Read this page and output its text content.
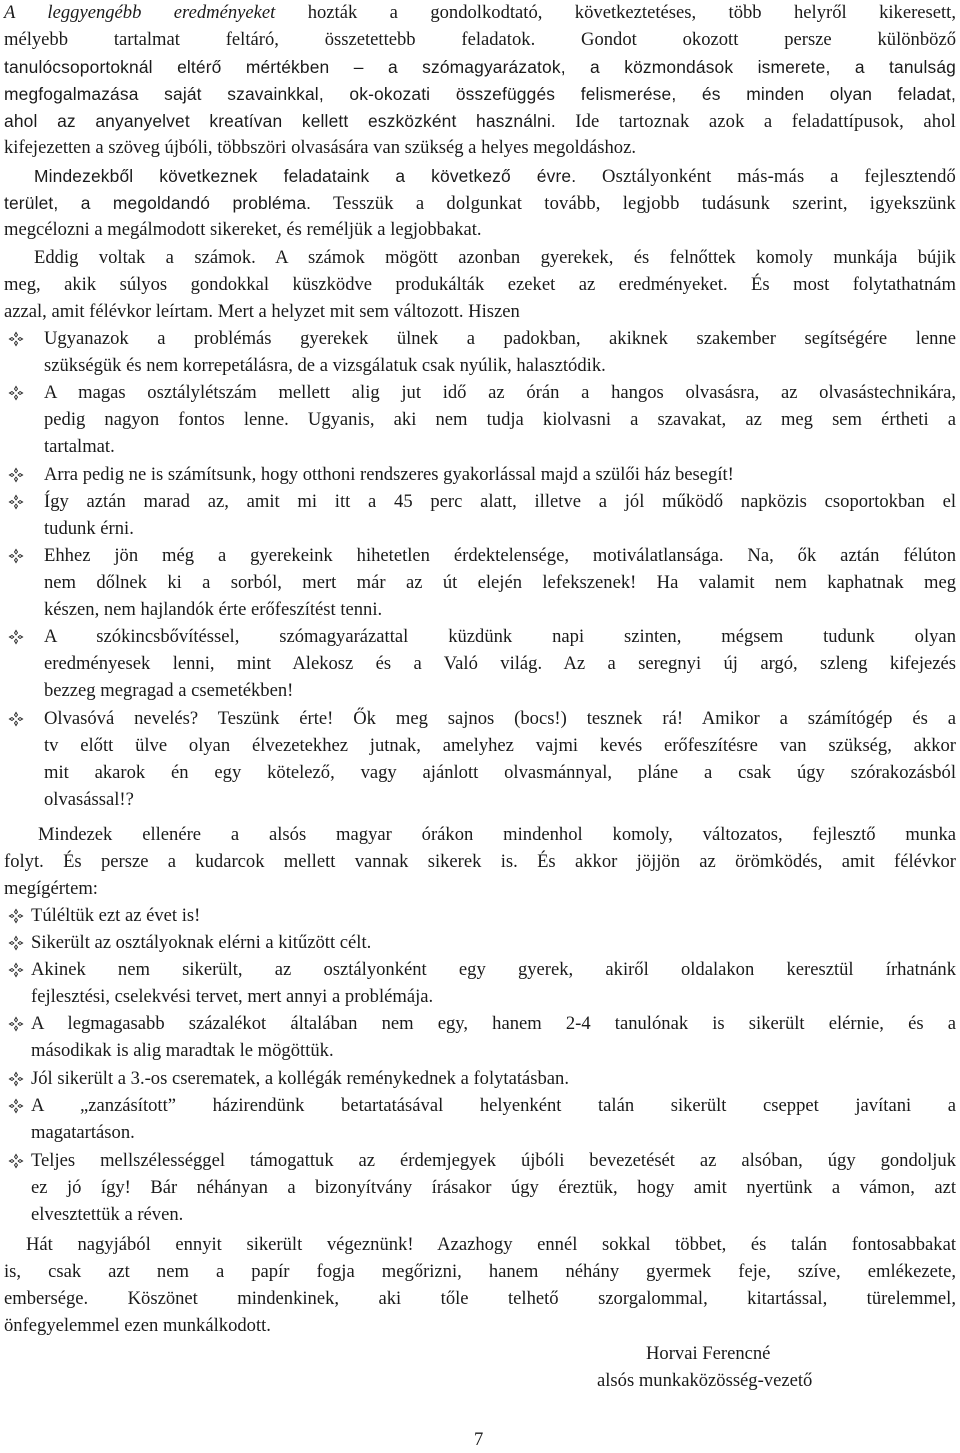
A leggyengébb eredményeket hozták a gondolkodtató, következtetéses, több helyről kikeresett,
mélyebb tartalmat feltáró, összetettebb feladatok. Gondot okozott persze különböző
tanulócsoportoknál eltérő mértékben – a szómagyarázatok, a közmondások ismerete, a tanulság
megfogalmazása saját szavainkkal, ok-okozati összefüggés felismerése, és minden olyan feladat,
ahol az anyanyelvet kreatívan kellett eszközként használni. Ide tartoznak azok a feladattípusok, ahol
kifejezetten a szöveg újbóli, többszöri olvasására van szükség a helyes megoldáshoz.
Mindezekből következnek feladataink a következő évre. Osztályonként más-más a fejlesztendő
terület, a megoldandó probléma. Tesszük a dolgunkat tovább, legjobb tudásunk szerint, igyekszünk
megcélozni a megálmodott sikereket, és reméljük a legjobbakat.
Eddig voltak a számok. A számok mögött azonban gyerekek, és felnőttek komoly munkája bújik
meg, akik súlyos gondokkal küszködve produkálták ezeket az eredményeket. És most folytathatnám
azzal, amit félévkor leírtam. Mert a helyzet mit sem változott. Hiszen
Ugyanazok a problémás gyerekek ülnek a padokban, akiknek szakember segítségére lenne
szükségük és nem korrepetálásra, de a vizsgálatuk csak nyúlik, halasztódik.
A magas osztálylétszám mellett alig jut idő az órán a hangos olvasásra, az olvasástechnikára,
pedig nagyon fontos lenne. Ugyanis, aki nem tudja kiolvasni a szavakat, az meg sem értheti a
tartalmat.
Arra pedig ne is számítsunk, hogy otthoni rendszeres gyakorlással majd a szülői ház besegít!
Így aztán marad az, amit mi itt a 45 perc alatt, illetve a jól működő napközis csoportokban el
tudunk érni.
Ehhez jön még a gyerekeink hihetetlen érdektelensége, motiválatlansága. Na, ők aztán félúton
nem dőlnek ki a sorból, mert már az út elején lefekszenek! Ha valamit nem kaphatnak meg
készen, nem hajlandók érte erőfeszítést tenni.
A szókincsbővítéssel, szómagyarázattal küzdünk napi szinten, mégsem tudunk olyan
eredményesek lenni, mint Alekosz és a Való világ. Az a seregnyi új argó, szleng kifejezés
bezzeg megragad a csemetékben!
Olvasóvá nevelés? Teszünk érte! Ők meg sajnos (bocs!) tesznek rá! Amikor a számítógép és a
tv előtt ülve olyan élvezetekhez jutnak, amelyhez vajmi kevés erőfeszítésre van szükség, akkor
mit akarok én egy kötelező, vagy ajánlott olvasmánnyal, pláne a csak úgy szórakozásból
olvasással!?
Mindezek ellenére a alsós magyar órákon mindenhol komoly, változatos, fejlesztő munka
folyt. És persze a kudarcok mellett vannak sikerek is. És akkor jöjjön az örömködés, amit félévkor
megígértem:
Túléltük ezt az évet is!
Sikerült az osztályoknak elérni a kitűzött célt.
Akinek nem sikerült, az osztályonként egy gyerek, akiről oldalakon keresztül írhatnánk
fejlesztési, cselekvési tervet, mert annyi a problémája.
A legmagasabb százalékot általában nem egy, hanem 2-4 tanulónak is sikerült elérnie, és a
másodikak is alig maradtak le mögöttük.
Jól sikerült a 3.-os cserematek, a kollégák reménykednek a folytatásban.
A „zanzásított” házirendünk betartatásával helyenként talán sikerült cseppet javítani a
magatartáson.
Teljes mellszélességgel támogattuk az érdemjegyek újbóli bevezetését az alsóban, úgy gondoljuk
ez jó így! Bár néhányan a bizonyítvány írásakor úgy éreztük, hogy amit nyertünk a vámon, azt
elvesztettük a réven.
Hát nagyjából ennyit sikerült végeznünk! Azazhogy ennél sokkal többet, és talán fontosabbakat
is, csak azt nem a papír fogja megőrizni, hanem néhány gyermek feje, szíve, emlékezete,
embersége. Köszönet mindenkinek, aki tőle telhető szorgalommal, kitartással, türelemmel,
önfegyelemmel ezen munkálkodott.
Horvai Ferencné
alsós munkaközösség-vezető
7
